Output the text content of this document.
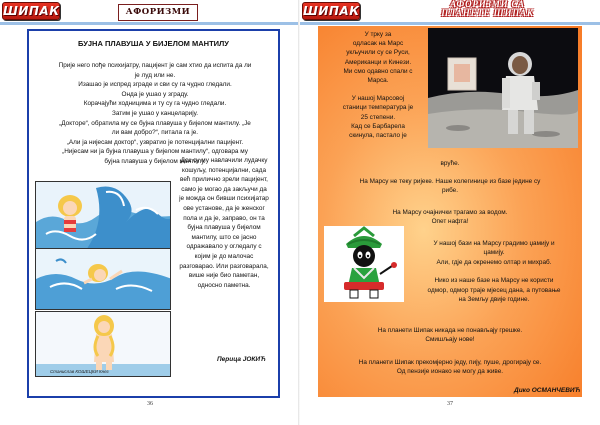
ШИПАК	АФОРИЗМИ
БУЈНА ПЛАВУША У БИЈЕЛОМ МАНТИЛУ

Прије него пође психијатру, пацијент је сам хтио да испита да ли

је луд или не.

Изашао је испред зграде и сви су га чудно гледали.

Онда је ушао у зграду.

Корачајући ходницима и ту су га чудно гледали.

Затим је ушао у канцеларију.

„Докторе“, обратила му се бујна плавуша у бијелом мантилу. „Је

ли вам добро?“, питала га је.

„Али ја нијесам доктор“, узвратио је потенцијални пацијент.

„Нијесам ни ја бујна плавуша у бијелом мантилу“, одговара му

бујна плавуша у бијелом мантилу.

Док су му навлачили лудачку

кошуљу, потенцијални, сада

већ прилично зрели пацијент,

само је могао да закључи да

је можда он бивши психијатар

ове установе, да је женског

пола и да је, заправо, он та

бујна плавуша у бијелом

мантилу, што се јасно

одражавало у огледалу с

којим је до малочас

разговарао. Или разговарала,

више није био паметан,

односно паметна.

Станислав КОШЕЦКИ Кнез
Перица ЈОКИЋ
36
ШИПАК	АФОРИЗМИ СА
ПЛАНЕТЕ ШИПАК
У трку за
одласак на Марс
укључили су се Руси,
Американци и Кинези.
Ми смо одавно спали с
Марса.
У нашој Марсовој
станици температура је
25 степени.
Кад се Барбарела
скинула, пастало је
вруће.
На Марсу не теку ријеке. Наше колегинице из базе једине су
рибе.
На Марсу очајнички трагамо за водом.
Опет нафта!
У нашој бази на Марсу градимо џамију и
цамију.
Али, гдје да окренемо олтар и михраб.
Нико из наше базе на Марсу не користи
одмор, одмор траје мјесец дана, а путовање
на Земљу двије године.
На планети Шипак никада не понављају грешке.
Смишљају нове!
На планети Шипак прекомјерно једу, пију, пуше, дрогирају се.
Од пензије ионако не могу да живе.
Дико ОСМАНЧЕВИЋ
37
